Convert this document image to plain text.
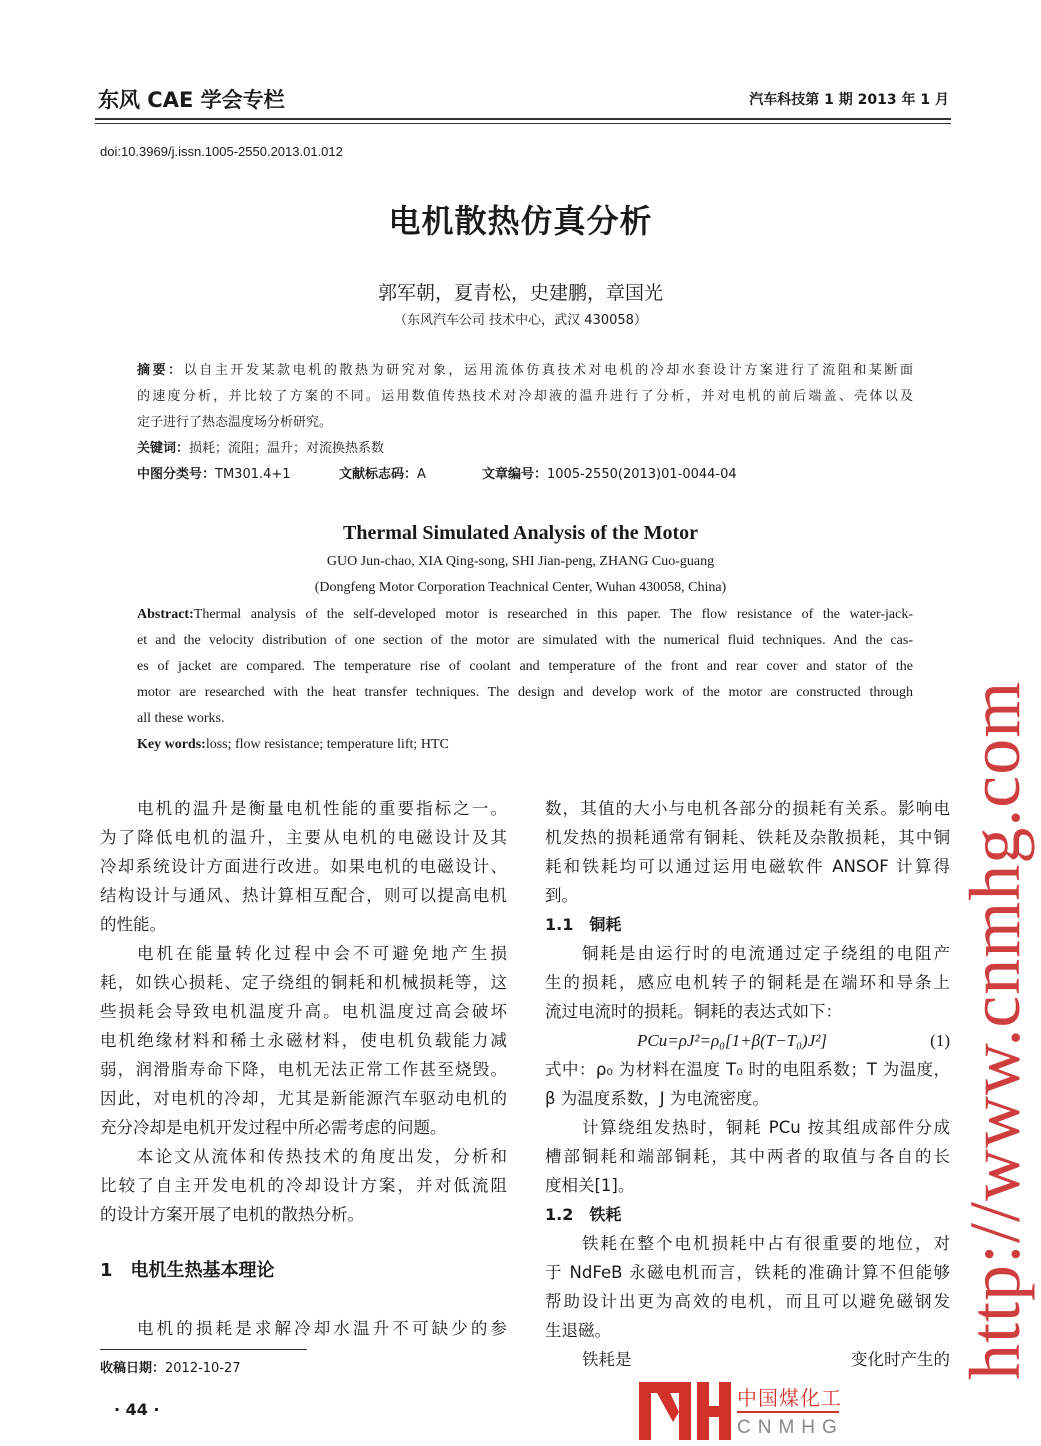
东风 CAE 学会专栏	汽车科技第 1 期 2013 年 1 月
doi:10.3969/j.issn.1005-2550.2013.01.012
电机散热仿真分析
郭军朝，夏青松，史建鹏，章国光
（东风汽车公司 技术中心，武汉 430058）
摘要：以自主开发某款电机的散热为研究对象，运用流体仿真技术对电机的冷却水套设计方案进行了流阻和某断面
的速度分析，并比较了方案的不同。运用数值传热技术对冷却液的温升进行了分析，并对电机的前后端盖、壳体以及
定子进行了热态温度场分析研究。
关键词：损耗；流阻；温升；对流换热系数
中图分类号：TM301.4+1	文献标志码：A	文章编号：1005-2550(2013)01-0044-04
Thermal Simulated Analysis of the Motor
GUO Jun-chao, XIA Qing-song, SHI Jian-peng, ZHANG Cuo-guang
(Dongfeng Motor Corporation Teachnical Center, Wuhan 430058, China)
Abstract:Thermal analysis of the self-developed motor is researched in this paper. The flow resistance of the water-jack-
et and the velocity distribution of one section of the motor are simulated with the numerical fluid techniques. And the cas-
es of jacket are compared. The temperature rise of coolant and temperature of the front and rear cover and stator of the
motor are researched with the heat transfer techniques. The design and develop work of the motor are constructed through
all these works.
Key words:loss; flow resistance; temperature lift; HTC
电机的温升是衡量电机性能的重要指标之一。
为了降低电机的温升，主要从电机的电磁设计及其
冷却系统设计方面进行改进。如果电机的电磁设计、
结构设计与通风、热计算相互配合，则可以提高电机
的性能。
电机在能量转化过程中会不可避免地产生损
耗，如铁心损耗、定子绕组的铜耗和机械损耗等，这
些损耗会导致电机温度升高。电机温度过高会破坏
电机绝缘材料和稀土永磁材料，使电机负载能力减
弱，润滑脂寿命下降，电机无法正常工作甚至烧毁。
因此，对电机的冷却，尤其是新能源汽车驱动电机的
充分冷却是电机开发过程中所必需考虑的问题。
本论文从流体和传热技术的角度出发，分析和
比较了自主开发电机的冷却设计方案，并对低流阻
的设计方案开展了电机的散热分析。
1　电机生热基本理论
电机的损耗是求解冷却水温升不可缺少的参
数，其值的大小与电机各部分的损耗有关系。影响电
机发热的损耗通常有铜耗、铁耗及杂散损耗，其中铜
耗和铁耗均可以通过运用电磁软件 ANSOF 计算得
到。
1.1　铜耗
铜耗是由运行时的电流通过定子绕组的电阻产
生的损耗，感应电机转子的铜耗是在端环和导条上
流过电流时的损耗。铜耗的表达式如下：
PCu=ρJ²=ρ₀[1+β(T−T₀)J²]	(1)
式中：ρ₀ 为材料在温度 T₀ 时的电阻系数；T 为温度，
β 为温度系数，J 为电流密度。
计算绕组发热时，铜耗 PCu 按其组成部件分成
槽部铜耗和端部铜耗，其中两者的取值与各自的长
度相关[1]。
1.2　铁耗
铁耗在整个电机损耗中占有很重要的地位，对
于 NdFeB 永磁电机而言，铁耗的准确计算不但能够
帮助设计出更为高效的电机，而且可以避免磁钢发
生退磁。
铁耗是	变化时产生的
收稿日期：2012-10-27
· 44 ·
http://www.cnmhg.com
中国煤化工
CNMHG
